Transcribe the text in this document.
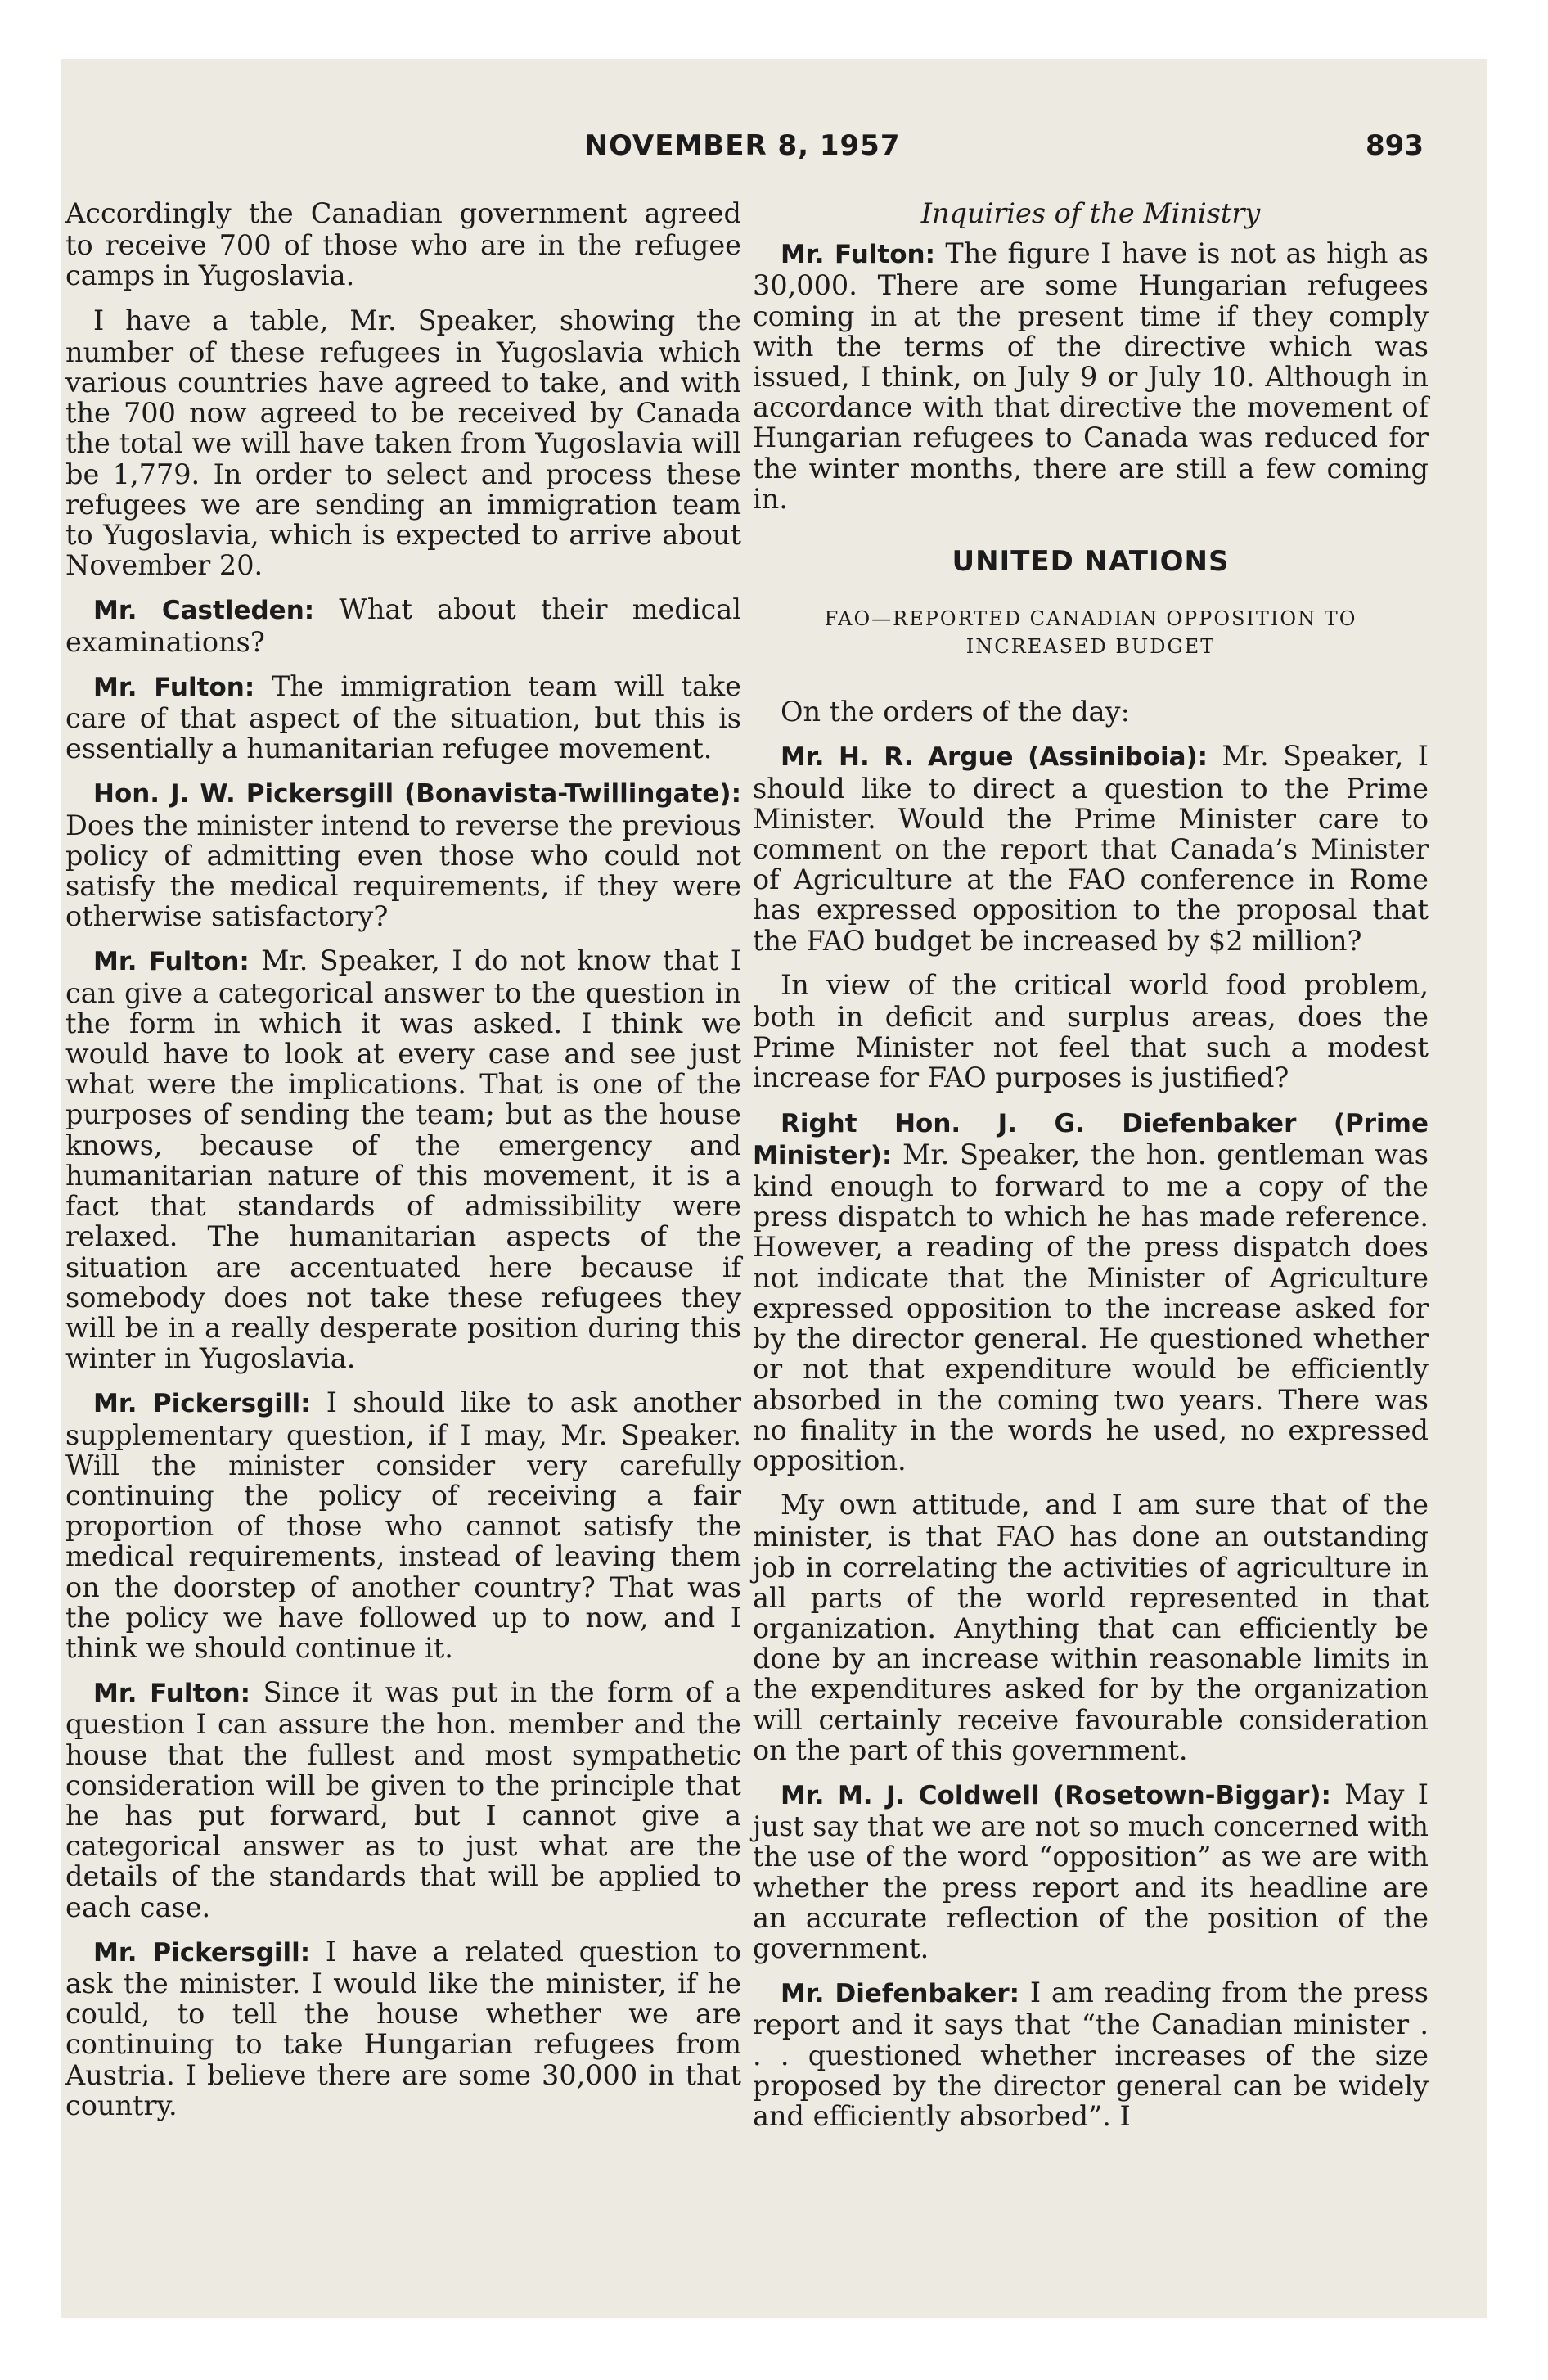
NOVEMBER 8, 1957	893

Accordingly the Canadian government agreed to receive 700 of those who are in the refugee camps in Yugoslavia.

I have a table, Mr. Speaker, showing the number of these refugees in Yugoslavia which various countries have agreed to take, and with the 700 now agreed to be received by Canada the total we will have taken from Yugoslavia will be 1,779. In order to select and process these refugees we are sending an immigration team to Yugoslavia, which is expected to arrive about November 20.

Mr. Castleden: What about their medical examinations?

Mr. Fulton: The immigration team will take care of that aspect of the situation, but this is essentially a humanitarian refugee movement.

Hon. J. W. Pickersgill (Bonavista-Twillingate): Does the minister intend to reverse the previous policy of admitting even those who could not satisfy the medical requirements, if they were otherwise satisfactory?

Mr. Fulton: Mr. Speaker, I do not know that I can give a categorical answer to the question in the form in which it was asked. I think we would have to look at every case and see just what were the implications. That is one of the purposes of sending the team; but as the house knows, because of the emergency and humanitarian nature of this movement, it is a fact that standards of admissibility were relaxed. The humanitarian aspects of the situation are accentuated here because if somebody does not take these refugees they will be in a really desperate position during this winter in Yugoslavia.

Mr. Pickersgill: I should like to ask another supplementary question, if I may, Mr. Speaker. Will the minister consider very carefully continuing the policy of receiving a fair proportion of those who cannot satisfy the medical requirements, instead of leaving them on the doorstep of another country? That was the policy we have followed up to now, and I think we should continue it.

Mr. Fulton: Since it was put in the form of a question I can assure the hon. member and the house that the fullest and most sympathetic consideration will be given to the principle that he has put forward, but I cannot give a categorical answer as to just what are the details of the standards that will be applied to each case.

Mr. Pickersgill: I have a related question to ask the minister. I would like the minister, if he could, to tell the house whether we are continuing to take Hungarian refugees from Austria. I believe there are some 30,000 in that country.

Inquiries of the Ministry

Mr. Fulton: The figure I have is not as high as 30,000. There are some Hungarian refugees coming in at the present time if they comply with the terms of the directive which was issued, I think, on July 9 or July 10. Although in accordance with that directive the movement of Hungarian refugees to Canada was reduced for the winter months, there are still a few coming in.

UNITED NATIONS
FAO—REPORTED CANADIAN OPPOSITION TO
INCREASED BUDGET

On the orders of the day:

Mr. H. R. Argue (Assiniboia): Mr. Speaker, I should like to direct a question to the Prime Minister. Would the Prime Minister care to comment on the report that Canada’s Minister of Agriculture at the FAO conference in Rome has expressed opposition to the proposal that the FAO budget be increased by $2 million?

In view of the critical world food problem, both in deficit and surplus areas, does the Prime Minister not feel that such a modest increase for FAO purposes is justified?

Right Hon. J. G. Diefenbaker (Prime Minister): Mr. Speaker, the hon. gentleman was kind enough to forward to me a copy of the press dispatch to which he has made reference. However, a reading of the press dispatch does not indicate that the Minister of Agriculture expressed opposition to the increase asked for by the director general. He questioned whether or not that expenditure would be efficiently absorbed in the coming two years. There was no finality in the words he used, no expressed opposition.

My own attitude, and I am sure that of the minister, is that FAO has done an outstanding job in correlating the activities of agriculture in all parts of the world represented in that organization. Anything that can efficiently be done by an increase within reasonable limits in the expenditures asked for by the organization will certainly receive favourable consideration on the part of this government.

Mr. M. J. Coldwell (Rosetown-Biggar): May I just say that we are not so much concerned with the use of the word “opposition” as we are with whether the press report and its headline are an accurate reflection of the position of the government.

Mr. Diefenbaker: I am reading from the press report and it says that “the Canadian minister . . . questioned whether increases of the size proposed by the director general can be widely and efficiently absorbed”. I
